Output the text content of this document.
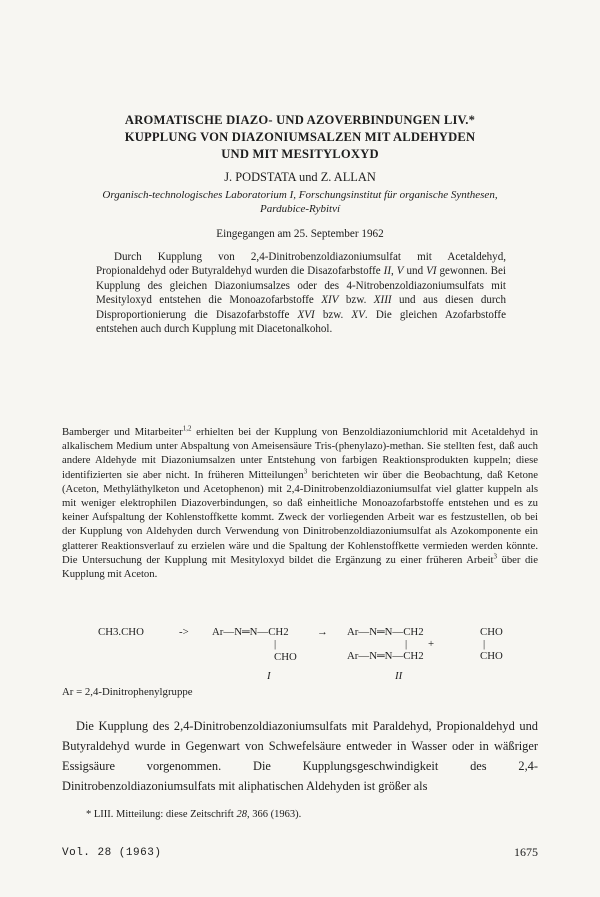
AROMATISCHE DIAZO- UND AZOVERBINDUNGEN LIV.*
KUPPLUNG VON DIAZONIUMSALZEN MIT ALDEHYDEN
UND MIT MESITYLOXYD
J. PODSTATA und Z. ALLAN
Organisch-technologisches Laboratorium I, Forschungsinstitut für organische Synthesen,
Pardubice-Rybitví
Eingegangen am 25. September 1962
Durch Kupplung von 2,4-Dinitrobenzoldiazoniumsulfat mit Acetaldehyd, Propionaldehyd oder Butyraldehyd wurden die Disazofarbstoffe II, V und VI gewonnen. Bei Kupplung des gleichen Diazoniumsalzes oder des 4-Nitrobenzoldiazoniumsulfats mit Mesityloxyd entstehen die Monoazofarbstoffe XIV bzw. XIII und aus diesen durch Disproportionierung die Disazofarbstoffe XVI bzw. XV. Die gleichen Azofarbstoffe entstehen auch durch Kupplung mit Diacetonalkohol.
Bamberger und Mitarbeiter$^{1,2}$ erhielten bei der Kupplung von Benzoldiazoniumchlorid mit Acetaldehyd in alkalischem Medium unter Abspaltung von Ameisensäure Tris-(phenylazo)-methan. Sie stellten fest, daß auch andere Aldehyde mit Diazoniumsalzen unter Entstehung von farbigen Reaktionsprodukten kuppeln; diese identifizierten sie aber nicht. In früheren Mitteilungen$^3$ berichteten wir über die Beobachtung, daß Ketone (Aceton, Methyläthylketon und Acetophenon) mit 2,4-Dinitrobenzoldiazoniumsulfat viel glatter kuppeln als mit weniger elektrophilen Diazoverbindungen, so daß einheitliche Monoazofarbstoffe entstehen und es zu keiner Aufspaltung der Kohlenstoffkette kommt. Zweck der vorliegenden Arbeit war es festzustellen, ob bei der Kupplung von Aldehyden durch Verwendung von Dinitrobenzoldiazoniumsulfat als Azokomponente ein glatterer Reaktionsverlauf zu erzielen wäre und die Spaltung der Kohlenstoffkette vermieden werden könnte. Die Untersuchung der Kupplung mit Mesityloxyd bildet die Ergänzung zu einer früheren Arbeit$^3$ über die Kupplung mit Aceton.
CH3.CHO	-> Ar—N═N—CH2
|
CHO
I
→ Ar—N═N—CH2
|
Ar—N═N—CH2
II
+
CHO
|
CHO
Ar = 2,4-Dinitrophenylgruppe
Die Kupplung des 2,4-Dinitrobenzoldiazoniumsulfats mit Paraldehyd, Propionaldehyd und Butyraldehyd wurde in Gegenwart von Schwefelsäure entweder in Wasser oder in wäßriger Essigsäure vorgenommen. Die Kupplungsgeschwindigkeit des 2,4-Dinitrobenzoldiazoniumsulfats mit aliphatischen Aldehyden ist größer als
* LIII. Mitteilung: diese Zeitschrift 28, 366 (1963).
Vol. 28 (1963)	1675
